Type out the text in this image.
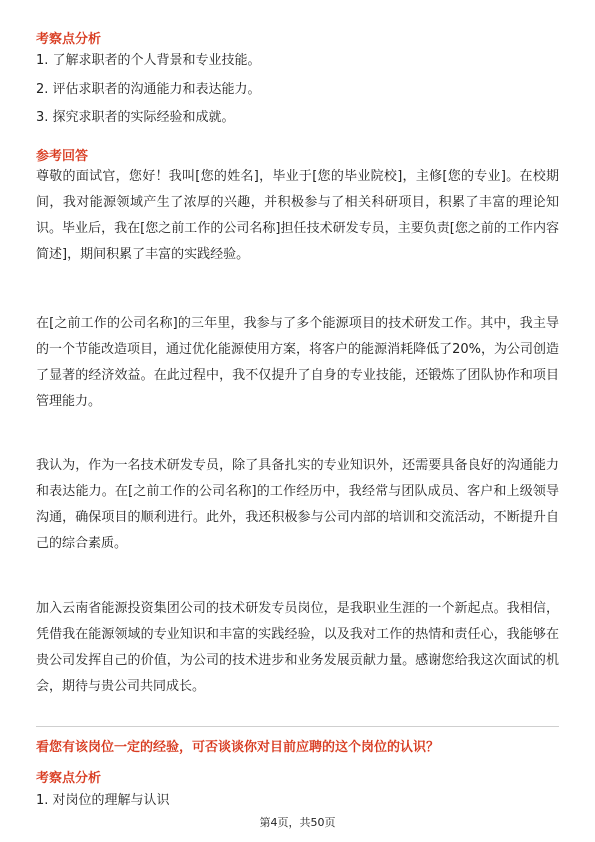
考察点分析
1. 了解求职者的个人背景和专业技能。
2. 评估求职者的沟通能力和表达能力。
3. 探究求职者的实际经验和成就。
参考回答
尊敬的面试官，您好！我叫[您的姓名]，毕业于[您的毕业院校]，主修[您的专业]。在校期间，我对能源领域产生了浓厚的兴趣，并积极参与了相关科研项目，积累了丰富的理论知识。毕业后，我在[您之前工作的公司名称]担任技术研发专员，主要负责[您之前的工作内容简述]，期间积累了丰富的实践经验。
在[之前工作的公司名称]的三年里，我参与了多个能源项目的技术研发工作。其中，我主导的一个节能改造项目，通过优化能源使用方案，将客户的能源消耗降低了20%，为公司创造了显著的经济效益。在此过程中，我不仅提升了自身的专业技能，还锻炼了团队协作和项目管理能力。
我认为，作为一名技术研发专员，除了具备扎实的专业知识外，还需要具备良好的沟通能力和表达能力。在[之前工作的公司名称]的工作经历中，我经常与团队成员、客户和上级领导沟通，确保项目的顺利进行。此外，我还积极参与公司内部的培训和交流活动，不断提升自己的综合素质。
加入云南省能源投资集团公司的技术研发专员岗位，是我职业生涯的一个新起点。我相信，凭借我在能源领域的专业知识和丰富的实践经验，以及我对工作的热情和责任心，我能够在贵公司发挥自己的价值，为公司的技术进步和业务发展贡献力量。感谢您给我这次面试的机会，期待与贵公司共同成长。
看您有该岗位一定的经验，可否谈谈你对目前应聘的这个岗位的认识？
考察点分析
1. 对岗位的理解与认识
第4页，共50页
